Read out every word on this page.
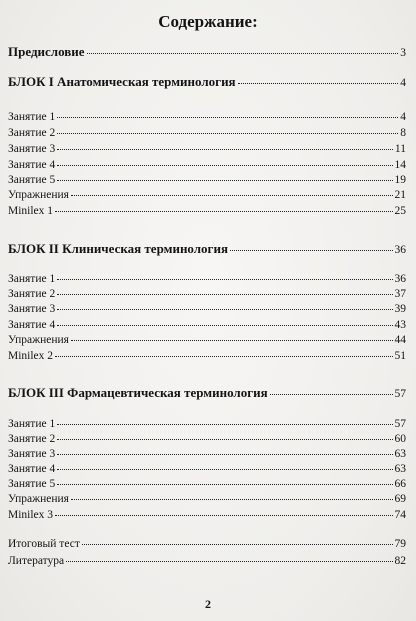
Содержание:
Предисловие	3
БЛОК I Анатомическая терминология	4
Занятие 1	4
Занятие 2	8
Занятие 3	11
Занятие 4	14
Занятие 5	19
Упражнения	21
Minilex 1	25
БЛОК II Клиническая терминология	36
Занятие 1	36
Занятие 2	37
Занятие 3	39
Занятие 4	43
Упражнения	44
Minilex 2	51
БЛОК III Фармацевтическая терминология	57
Занятие 1	57
Занятие 2	60
Занятие 3	63
Занятие 4	63
Занятие 5	66
Упражнения	69
Minilex 3	74
Итоговый тест	79
Литература	82
2
